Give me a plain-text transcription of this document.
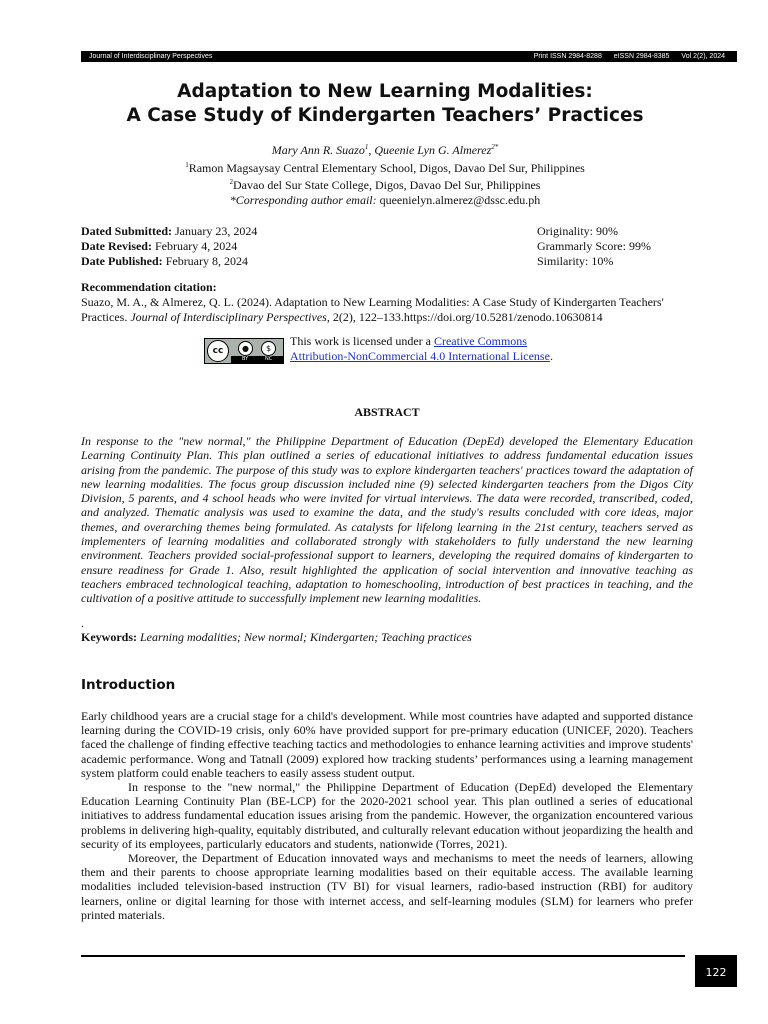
Journal of Interdisciplinary Perspectives	Print ISSN 2984-8288 eISSN 2984-8385 Vol 2(2), 2024
Adaptation to New Learning Modalities:
A Case Study of Kindergarten Teachers’ Practices
Mary Ann R. Suazo$^1$, Queenie Lyn G. Almerez$^{2*}$
$^1$Ramon Magsaysay Central Elementary School, Digos, Davao Del Sur, Philippines
$^2$Davao del Sur State College, Digos, Davao Del Sur, Philippines
*Corresponding author email: queenielyn.almerez@dssc.edu.ph
Dated Submitted: January 23, 2024
Date Revised: February 4, 2024
Date Published: February 8, 2024
Originality: 90%
Grammarly Score: 99%
Similarity: 10%
Recommendation citation:
Suazo, M. A., & Almerez, Q. L. (2024). Adaptation to New Learning Modalities: A Case Study of Kindergarten Teachers' Practices. Journal of Interdisciplinary Perspectives, 2(2), 122–133.https://doi.org/10.5281/zenodo.10630814
cc	●	$
BY	NC
This work is licensed under a Creative Commons
Attribution-NonCommercial 4.0 International License.
ABSTRACT
In response to the "new normal," the Philippine Department of Education (DepEd) developed the Elementary Education Learning Continuity Plan. This plan outlined a series of educational initiatives to address fundamental education issues arising from the pandemic. The purpose of this study was to explore kindergarten teachers' practices toward the adaptation of new learning modalities. The focus group discussion included nine (9) selected kindergarten teachers from the Digos City Division, 5 parents, and 4 school heads who were invited for virtual interviews. The data were recorded, transcribed, coded, and analyzed. Thematic analysis was used to examine the data, and the study's results concluded with core ideas, major themes, and overarching themes being formulated. As catalysts for lifelong learning in the 21st century, teachers served as implementers of learning modalities and collaborated strongly with stakeholders to fully understand the new learning environment. Teachers provided social-professional support to learners, developing the required domains of kindergarten to ensure readiness for Grade 1. Also, result highlighted the application of social intervention and innovative teaching as teachers embraced technological teaching, adaptation to homeschooling, introduction of best practices in teaching, and the cultivation of a positive attitude to successfully implement new learning modalities.
.
Keywords: Learning modalities; New normal; Kindergarten; Teaching practices
Introduction

Early childhood years are a crucial stage for a child's development. While most countries have adapted and supported distance learning during the COVID-19 crisis, only 60% have provided support for pre-primary education (UNICEF, 2020). Teachers faced the challenge of finding effective teaching tactics and methodologies to enhance learning activities and improve students' academic performance. Wong and Tatnall (2009) explored how tracking students’ performances using a learning management system platform could enable teachers to easily assess student output.

In response to the "new normal," the Philippine Department of Education (DepEd) developed the Elementary Education Learning Continuity Plan (BE-LCP) for the 2020-2021 school year. This plan outlined a series of educational initiatives to address fundamental education issues arising from the pandemic. However, the organization encountered various problems in delivering high-quality, equitably distributed, and culturally relevant education without jeopardizing the health and security of its employees, particularly educators and students, nationwide (Torres, 2021).

Moreover, the Department of Education innovated ways and mechanisms to meet the needs of learners, allowing them and their parents to choose appropriate learning modalities based on their equitable access. The available learning modalities included television-based instruction (TV BI) for visual learners, radio-based instruction (RBI) for auditory learners, online or digital learning for those with internet access, and self-learning modules (SLM) for learners who prefer printed materials.

122
